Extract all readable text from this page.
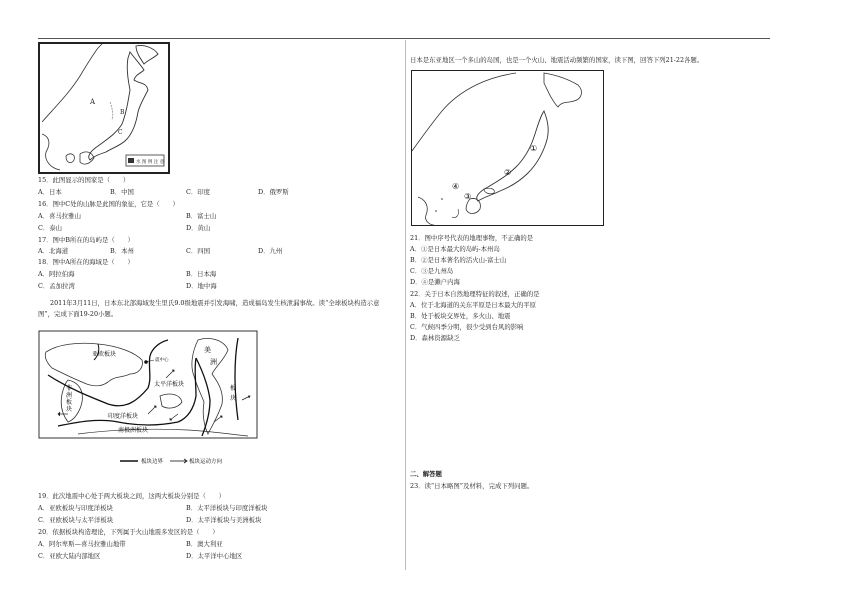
A
B
C
水 图 例 注 意
15．此图显示的国家是（　　）
A．日本	B．中国	C．印度	D．俄罗斯
16．图中C处的山脉是此国的象征，它是（　　）
A．喜马拉雅山	B．富士山
C．泰山	D．黄山
17．图中B所在的岛屿是（　　）
A．北海道	B．本州	C．四国	D．九州
18．图中A所在的海域是（　　）
A．阿拉伯海	B．日本海
C．孟加拉湾	D．地中海
2011年3月11日，日本东北部海域发生里氏9.0级地震并引发海啸，造成福岛发生核泄漏事故。读“全球板块构造示意图”，完成下面19-20小题。
亚欧板块
美
洲
非
洲
板
块
太平洋板块
板
块
印度洋板块
南极洲板块
震中心
板块边界	板块运动方向
19．此次地震中心处于两大板块之间，这两大板块分别是（　　）
A．亚欧板块与印度洋板块	B．太平洋板块与印度洋板块
C．亚欧板块与太平洋板块	D．太平洋板块与美洲板块
20．依据板块构造理论，下列属于火山地震多发区的是（　　）
A．阿尔卑斯—喜马拉雅山地带	B．澳大利亚
C．亚欧大陆内部地区	D．太平洋中心地区
日本是东亚地区一个多山的岛国，也是一个火山、地震活动频繁的国家，读下图，回答下列21-22各题。
①
②
③
④
21．图中序号代表的地理事物，不正确的是
A．①是日本最大的岛屿-本州岛
B．②是日本著名的活火山-富士山
C．③是九州岛
D．④是濑户内海
22．关于日本自然地理特征的叙述，正确的是
A．位于北海道的关东平原是日本最大的平原
B．处于板块交界处，多火山、地震
C．气候四季分明，很少受到台风的影响
D．森林资源缺乏
二、解答题
23．读“日本略图”及材料，完成下列问题。
